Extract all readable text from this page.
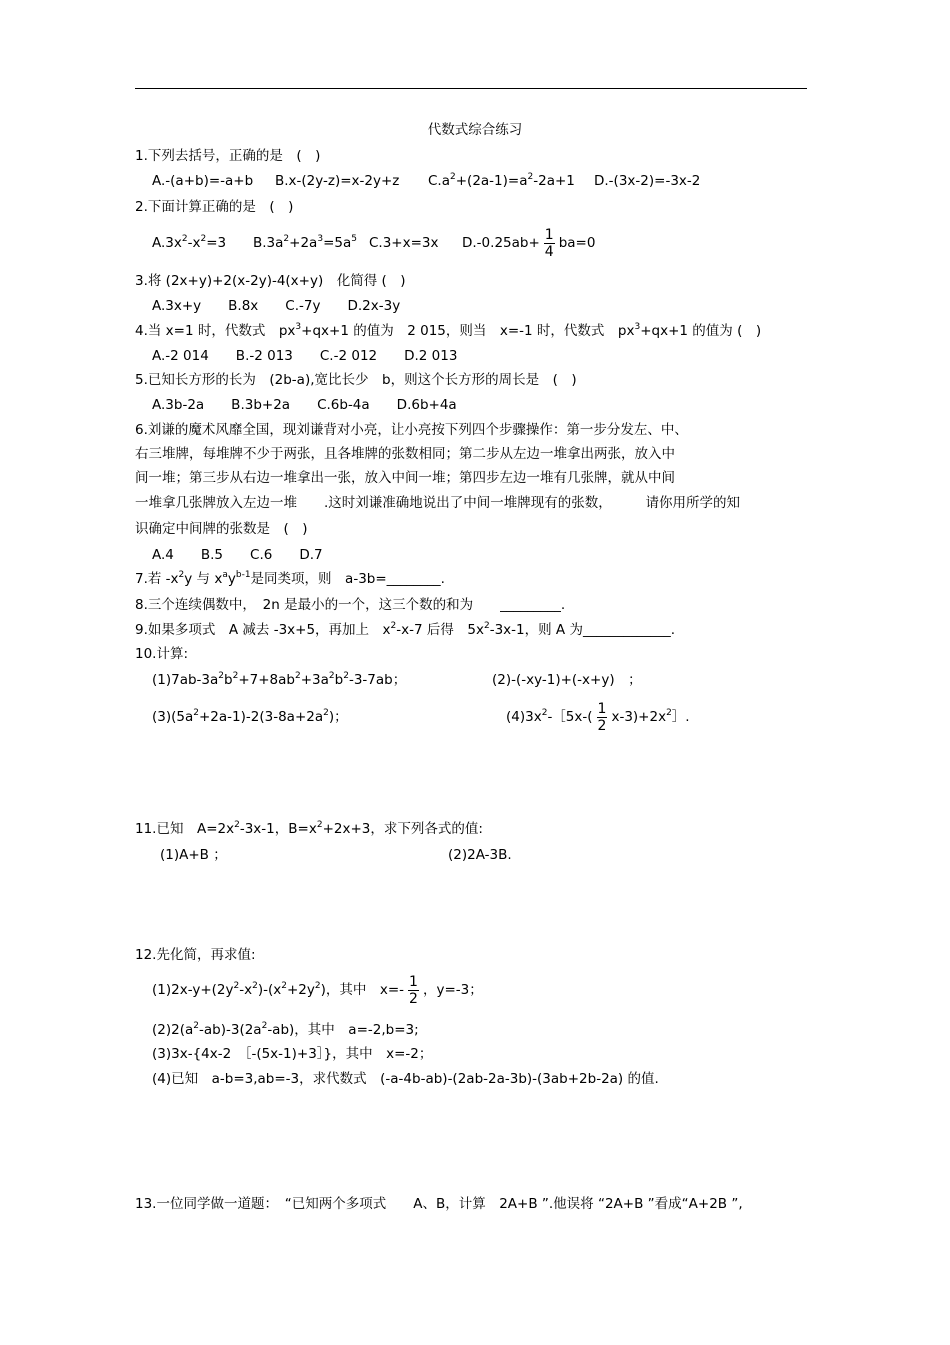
代数式综合练习
1.下列去括号，正确的是　(　)
A.-(a+b)=-a+b B.x-(2y-z)=x-2y+z $C.a^2+(2a-1)=a^2-2a+1$ D.-(3x-2)=-3x-2
2.下面计算正确的是　(　)
$A.3x^2-x^2=3$ $B.3a^2+2a^3=5a^5$ C.3+x=3x $D.-0.25ab+ \frac{1}{4} ba=0$
3.将 (2x+y)+2(x-2y)-4(x+y)　化简得 (　)
A.3x+y　　B.8x　　C.-7y　　D.2x-3y
4.当 x=1 时，代数式　$px^3+qx+1$ 的值为　2 015，则当　x=-1 时，代数式　$px^3+qx+1$ 的值为 (　)
A.-2 014　　B.-2 013　　C.-2 012　　D.2 013
5.已知长方形的长为　(2b-a),宽比长少　b，则这个长方形的周长是　(　)
A.3b-2a　　B.3b+2a　　C.6b-4a　　D.6b+4a
6.刘谦的魔术风靡全国，现刘谦背对小亮，让小亮按下列四个步骤操作：第一步分发左、中、
右三堆牌，每堆牌不少于两张，且各堆牌的张数相同；第二步从左边一堆拿出两张，放入中
间一堆；第三步从右边一堆拿出一张，放入中间一堆；第四步左边一堆有几张牌，就从中间
一堆拿几张牌放入左边一堆　　.这时刘谦准确地说出了中间一堆牌现有的张数，　　　请你用所学的知
识确定中间牌的张数是　(　)
A.4　　B.5　　C.6　　D.7
7.若 $-x^2y$ 与 $x^ay^{b-1}$是同类项，则　a-3b=________.
8.三个连续偶数中，　2n 是最小的一个，这三个数的和为　　_________.
9.如果多项式　A 减去 -3x+5，再加上　$x^2-x-7$ 后得　$5x^2-3x-1$，则 A 为_____________.
10.计算:
$(1)7ab-3a^2b^2+7+8ab^2+3a^2b^2-3-7ab$；	(2)-(-xy-1)+(-x+y)　；
$(3)(5a^2+2a-1)-2(3-8a+2a^2)$；	$(4)3x^2-[5x-( \frac{1}{2}$ $x-3)+2x^2]$.
11.已知　$A=2x^2-3x-1$，$B=x^2+2x+3$，求下列各式的值:
(1)A+B ；	(2)2A-3B.
12.先化简，再求值:
$(1)2x-y+(2y^2-x^2)-(x^2+2y^2)$，其中　$x=- \frac{1}{2}$ ，y=-3；
$(2)2(a^2-ab)-3(2a^2-ab)$，其中　a=-2,b=3;
(3)3x-{4x-2　［-(5x-1)+3］}，其中　x=-2；
(4)已知　a-b=3,ab=-3，求代数式　(-a-4b-ab)-(2ab-2a-3b)-(3ab+2b-2a) 的值.
13.一位同学做一道题：　“已知两个多项式　　A、B，计算　2A+B ”.他误将 “2A+B ”看成“A+2B ”,
